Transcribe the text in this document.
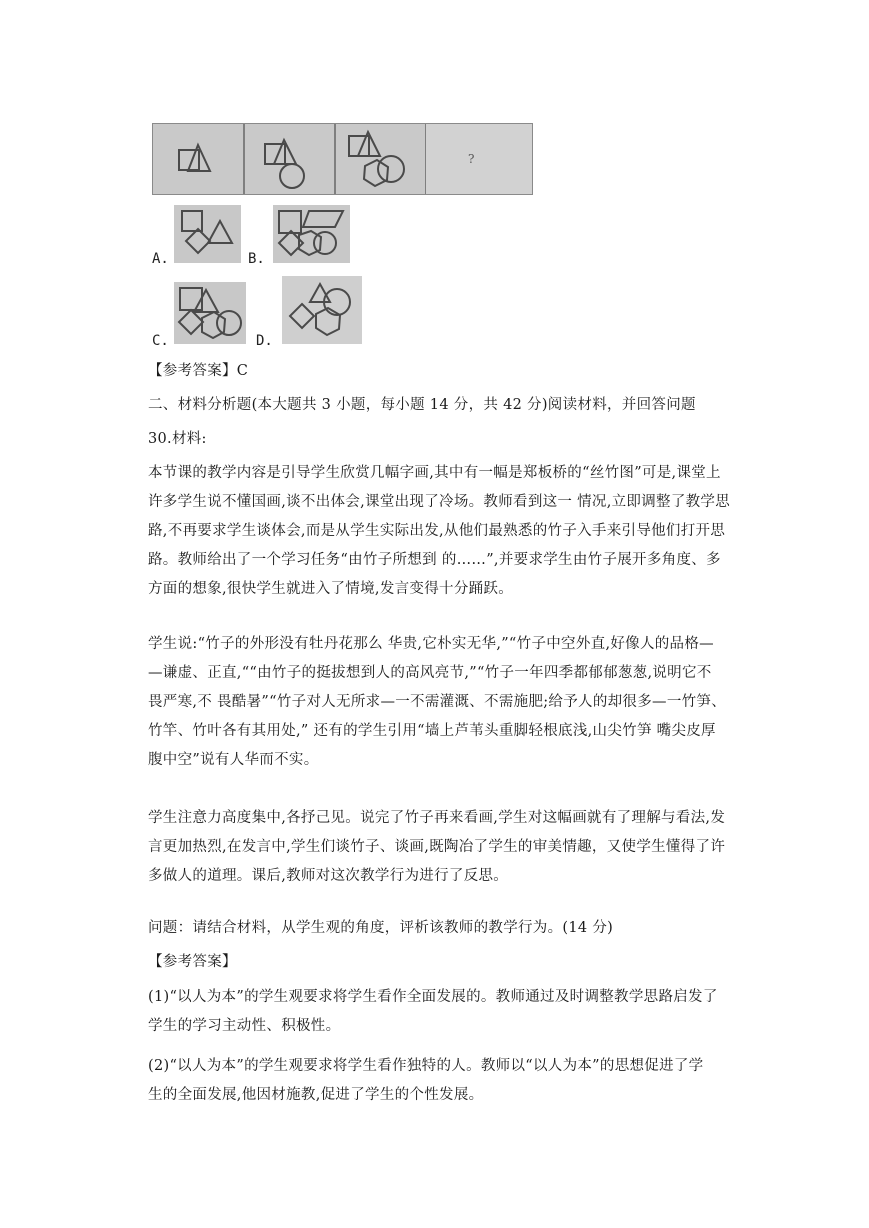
?
A.	B.
C.	D.

【参考答案】C

二、材料分析题(本大题共 3 小题，每小题 14 分，共 42 分)阅读材料，并回答问题

30.材料:

本节课的教学内容是引导学生欣赏几幅字画,其中有一幅是郑板桥的“丝竹图”可是,课堂上
许多学生说不懂国画,谈不出体会,课堂出现了冷场。教师看到这一 情况,立即调整了教学思
路,不再要求学生谈体会,而是从学生实际出发,从他们最熟悉的竹子入手来引导他们打开思
路。教师给出了一个学习任务“由竹子所想到 的……”,并要求学生由竹子展开多角度、多
方面的想象,很快学生就进入了情境,发言变得十分踊跃。
学生说:“竹子的外形没有牡丹花那么 华贵,它朴实无华,”“竹子中空外直,好像人的品格—
—谦虚、正直,““由竹子的挺拔想到人的高风亮节,”“竹子一年四季都郁郁葱葱,说明它不
畏严寒,不 畏酷暑”“竹子对人无所求—一不需灌溉、不需施肥;给予人的却很多—一竹笋、
竹竿、竹叶各有其用处,” 还有的学生引用“墙上芦苇头重脚轻根底浅,山尖竹笋 嘴尖皮厚
腹中空”说有人华而不实。
学生注意力高度集中,各抒己见。说完了竹子再来看画,学生对这幅画就有了理解与看法,发
言更加热烈,在发言中,学生们谈竹子、谈画,既陶冶了学生的审美情趣，又使学生懂得了许
多做人的道理。课后,教师对这次教学行为进行了反思。

问题：请结合材料，从学生观的角度，评析该教师的教学行为。(14 分)

【参考答案】

(1)“以人为本”的学生观要求将学生看作全面发展的。教师通过及时调整教学思路启发了
学生的学习主动性、积极性。
(2)“以人为本”的学生观要求将学生看作独特的人。教师以“以人为本”的思想促进了学
生的全面发展,他因材施教,促进了学生的个性发展。
